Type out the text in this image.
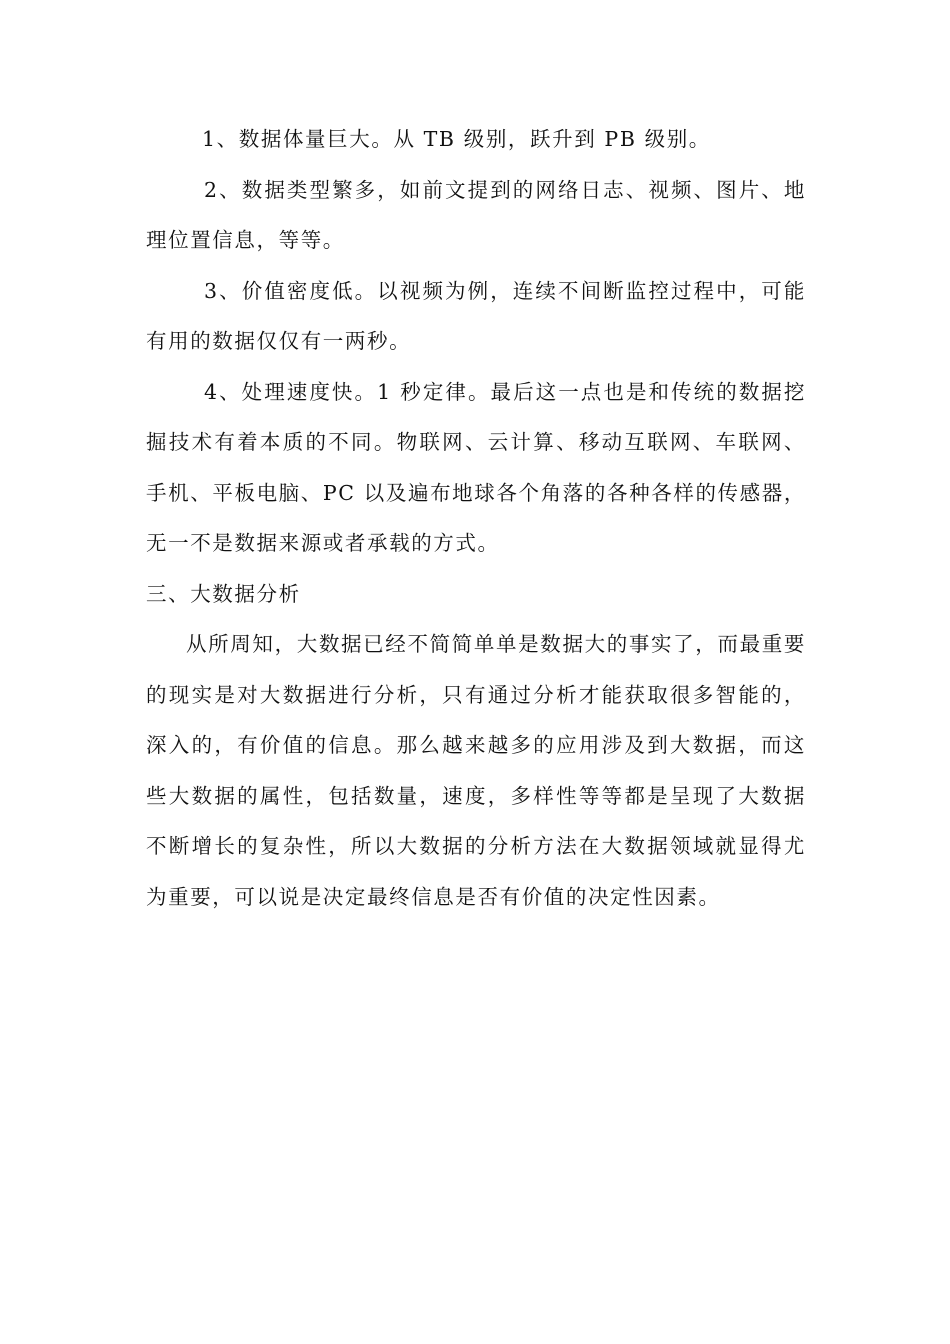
1、数据体量巨大。从 TB 级别，跃升到 PB 级别。

2、数据类型繁多，如前文提到的网络日志、视频、图片、地理位置信息，等等。

3、价值密度低。以视频为例，连续不间断监控过程中，可能有用的数据仅仅有一两秒。

4、处理速度快。1 秒定律。最后这一点也是和传统的数据挖掘技术有着本质的不同。物联网、云计算、移动互联网、车联网、手机、平板电脑、PC 以及遍布地球各个角落的各种各样的传感器，无一不是数据来源或者承载的方式。

三、大数据分析

从所周知，大数据已经不简简单单是数据大的事实了，而最重要的现实是对大数据进行分析，只有通过分析才能获取很多智能的，深入的，有价值的信息。那么越来越多的应用涉及到大数据，而这些大数据的属性，包括数量，速度，多样性等等都是呈现了大数据不断增长的复杂性，所以大数据的分析方法在大数据领域就显得尤为重要，可以说是决定最终信息是否有价值的决定性因素。
